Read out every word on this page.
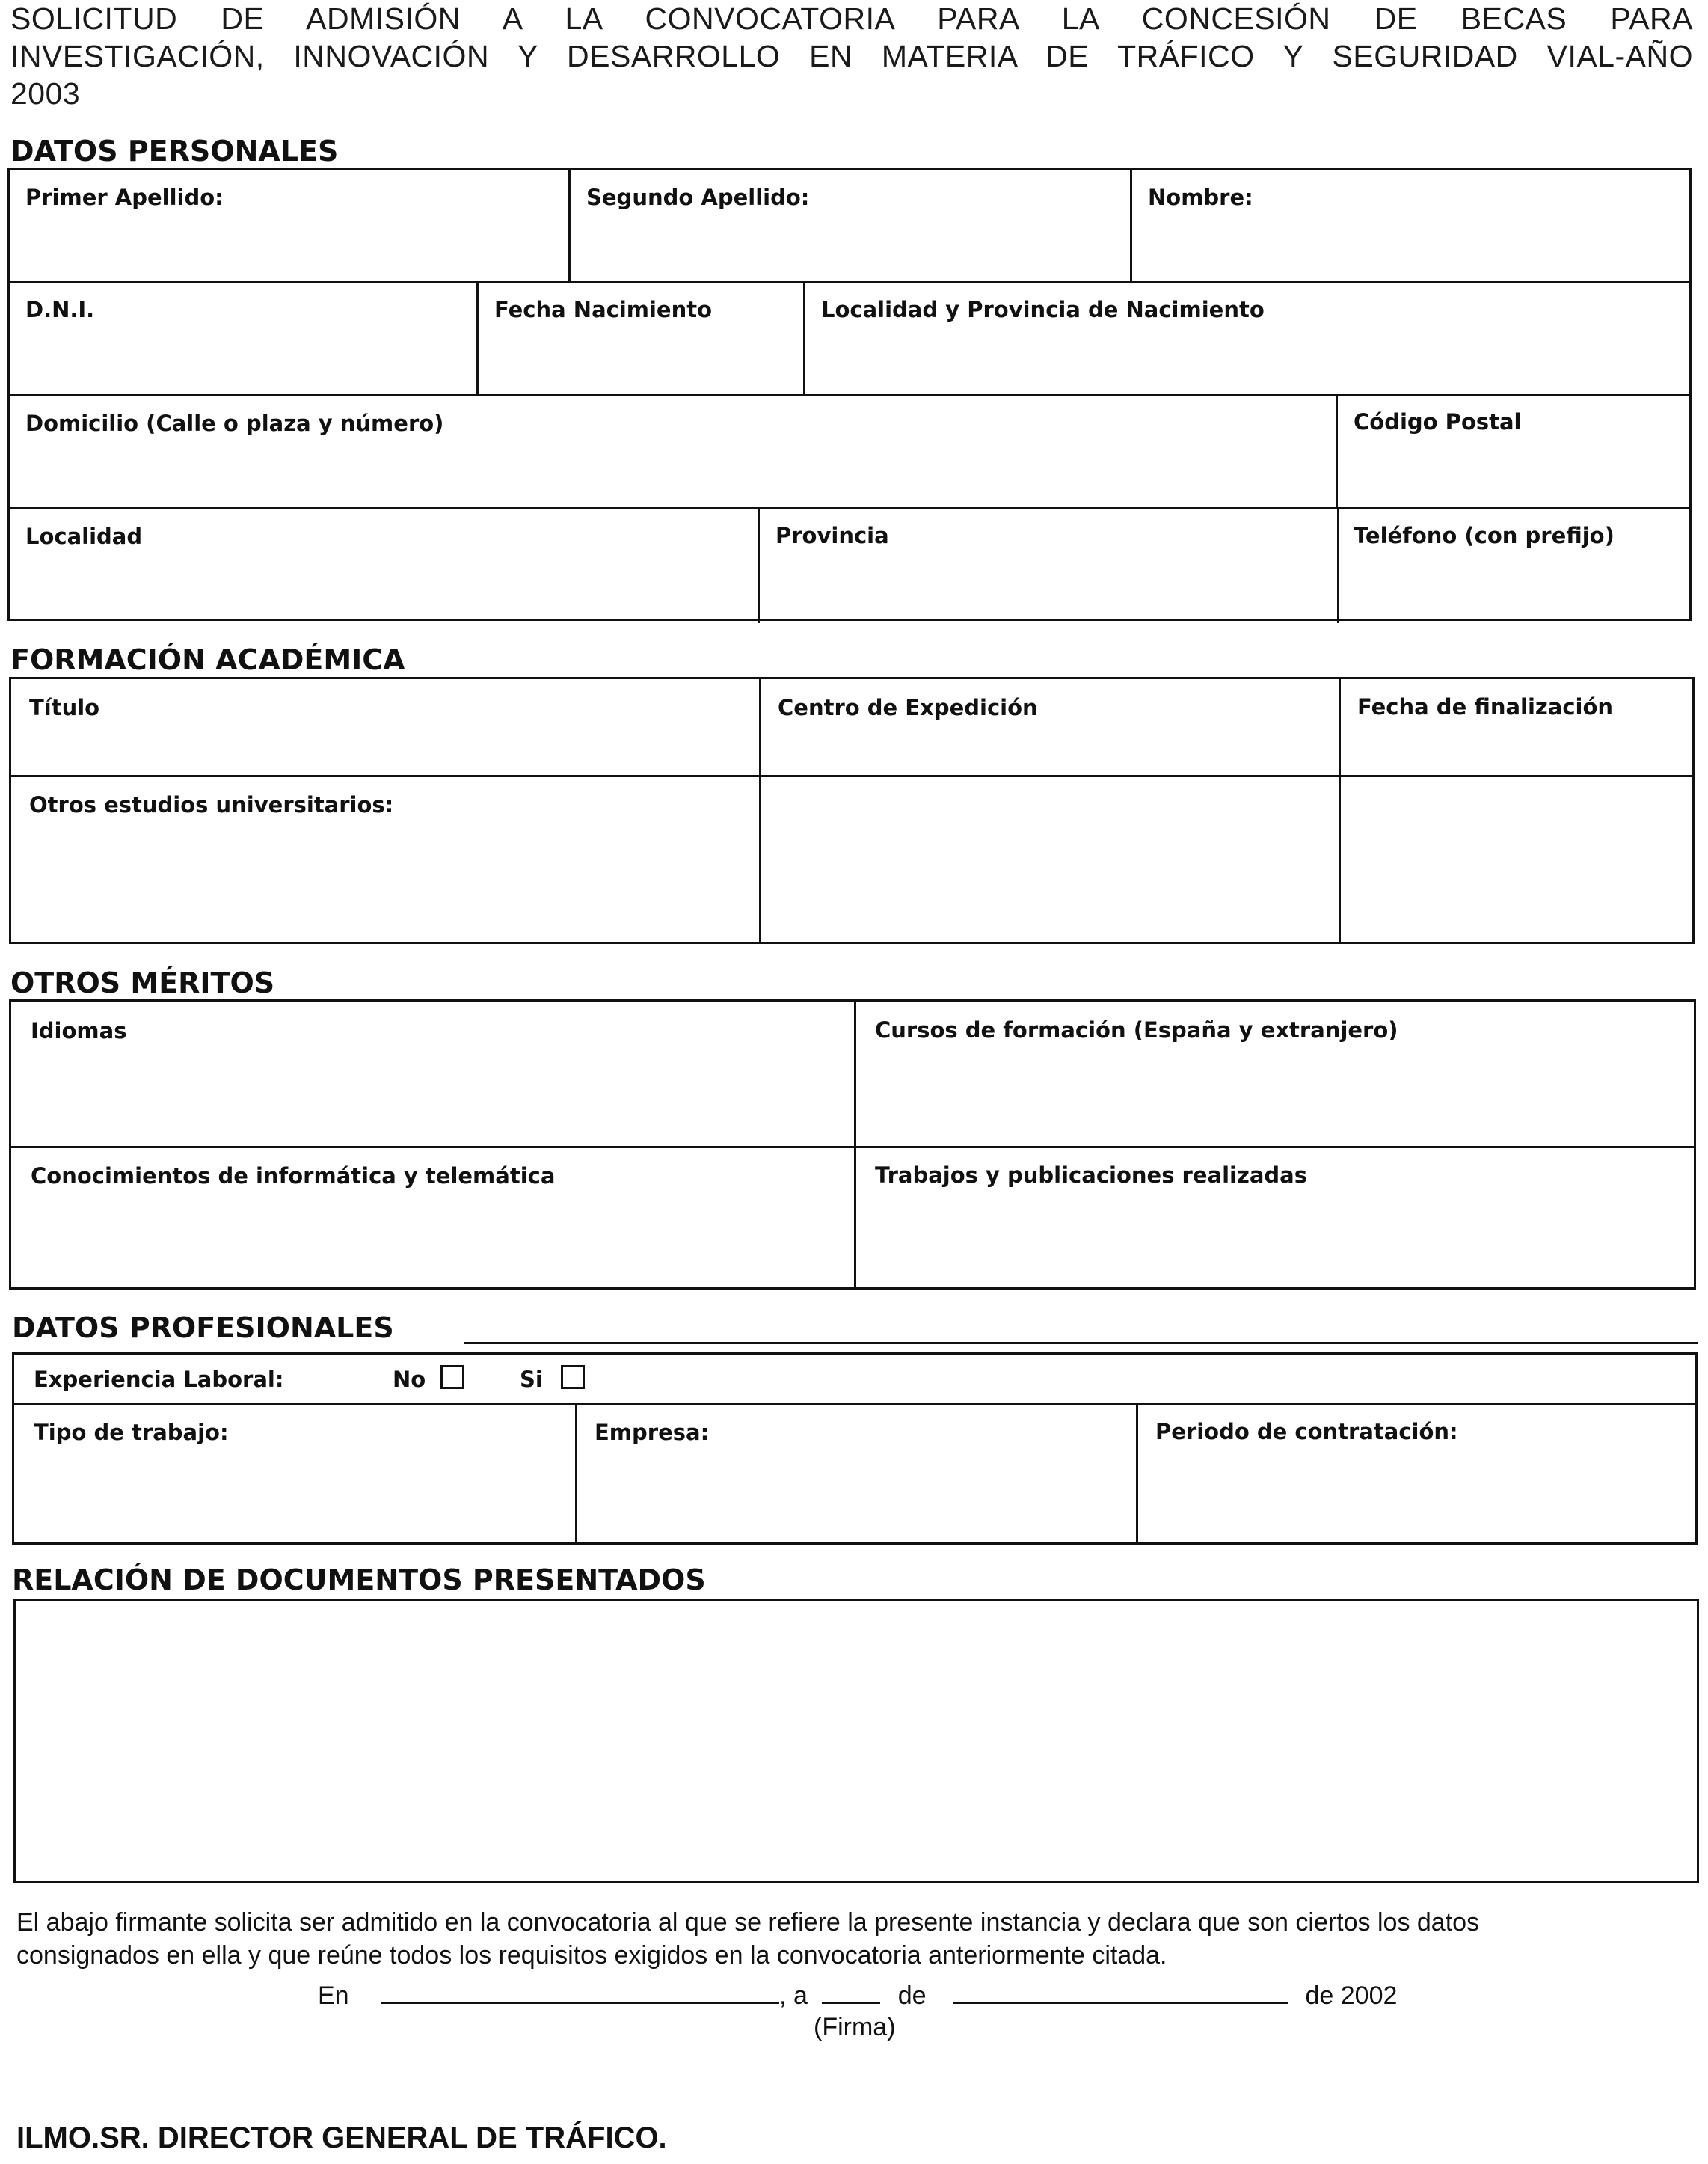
SOLICITUD DE ADMISIÓN A LA CONVOCATORIA PARA LA CONCESIÓN DE BECAS PARA
INVESTIGACIÓN, INNOVACIÓN Y DESARROLLO EN MATERIA DE TRÁFICO Y SEGURIDAD VIAL-AÑO
2003
DATOS PERSONALES
Primer Apellido:	Segundo Apellido:	Nombre:
D.N.I.	Fecha Nacimiento	Localidad y Provincia de Nacimiento
Domicilio (Calle o plaza y número)	Código Postal
Localidad	Provincia	Teléfono (con prefijo)
FORMACIÓN ACADÉMICA
Título	Centro de Expedición	Fecha de finalización
Otros estudios universitarios:
OTROS MÉRITOS
Idiomas	Cursos de formación (España y extranjero)
Conocimientos de informática y telemática	Trabajos y publicaciones realizadas
DATOS PROFESIONALES
Experiencia Laboral:	No	Si
Tipo de trabajo:	Empresa:	Periodo de contratación:
RELACIÓN DE DOCUMENTOS PRESENTADOS
El abajo firmante solicita ser admitido en la convocatoria al que se refiere la presente instancia y declara que son ciertos los datos
consignados en ella y que reúne todos los requisitos exigidos en la convocatoria anteriormente citada.
En	, a	de	de 2002
(Firma)
ILMO.SR. DIRECTOR GENERAL DE TRÁFICO.
